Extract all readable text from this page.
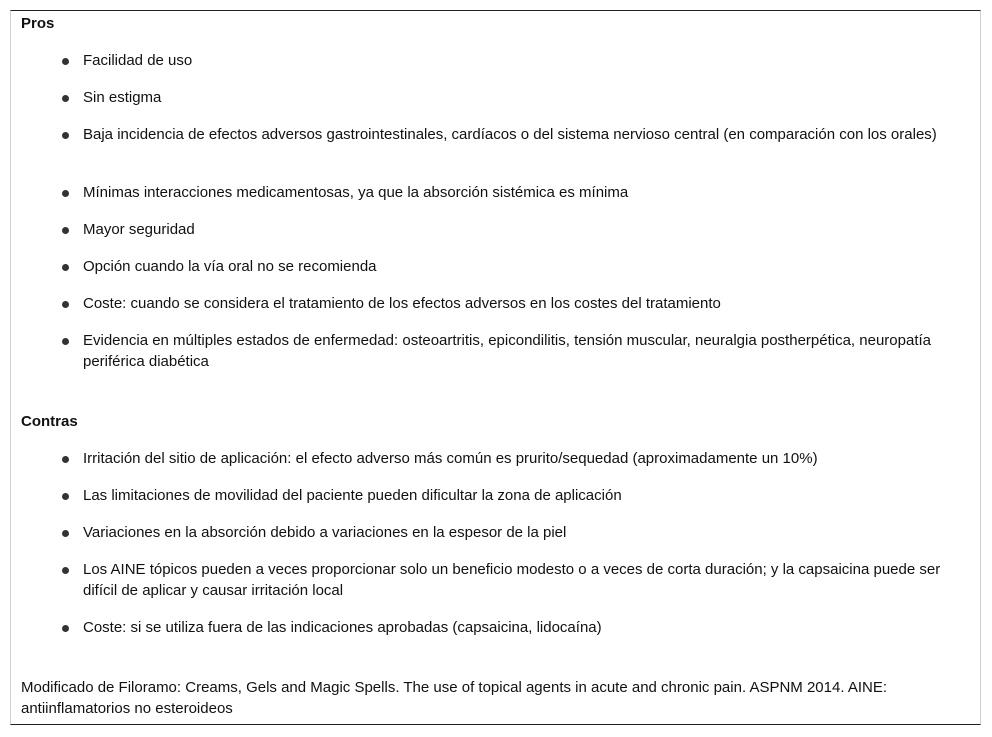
Pros
Facilidad de uso
Sin estigma
Baja incidencia de efectos adversos gastrointestinales, cardíacos o del sistema nervioso central (en comparación con los orales)
Mínimas interacciones medicamentosas, ya que la absorción sistémica es mínima
Mayor seguridad
Opción cuando la vía oral no se recomienda
Coste: cuando se considera el tratamiento de los efectos adversos en los costes del tratamiento
Evidencia en múltiples estados de enfermedad: osteoartritis, epicondilitis, tensión muscular, neuralgia postherpética, neuropatía periférica diabética
Contras
Irritación del sitio de aplicación: el efecto adverso más común es prurito/sequedad (aproximadamente un 10%)
Las limitaciones de movilidad del paciente pueden dificultar la zona de aplicación
Variaciones en la absorción debido a variaciones en la espesor de la piel
Los AINE tópicos pueden a veces proporcionar solo un beneficio modesto o a veces de corta duración; y la capsaicina puede ser difícil de aplicar y causar irritación local
Coste: si se utiliza fuera de las indicaciones aprobadas (capsaicina, lidocaína)
Modificado de Filoramo: Creams, Gels and Magic Spells. The use of topical agents in acute and chronic pain. ASPNM 2014. AINE: antiinflamatorios no esteroideos
